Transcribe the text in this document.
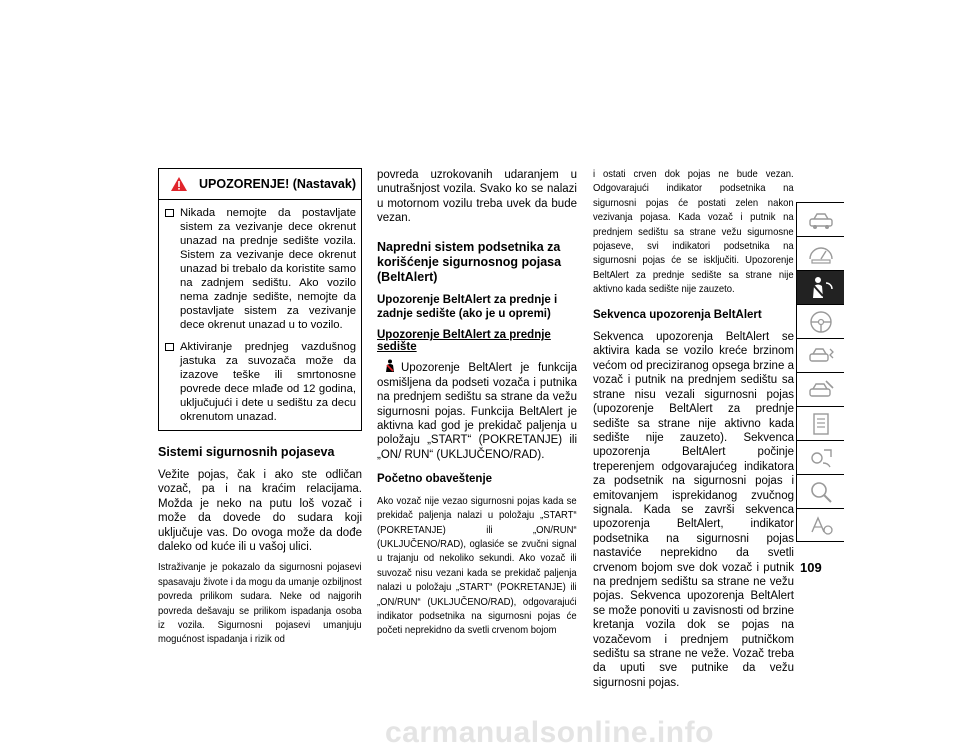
UPOZORENJE! (Nastavak)
Nikada nemojte da postavljate sistem za vezivanje dece okrenut unazad na prednje sedište vozila. Sistem za vezivanje dece okrenut unazad bi trebalo da koristite samo na zadnjem sedištu. Ako vozilo nema zadnje sedište, nemojte da postavljate sistem za vezivanje dece okrenut unazad u to vozilo.
Aktiviranje prednjeg vazdušnog jastuka za suvozača može da izazove teške ili smrtonosne povrede dece mlađe od 12 godina, uključujući i dete u sedištu za decu okrenutom unazad.
Sistemi sigurnosnih pojaseva

Vežite pojas, čak i ako ste odličan vozač, pa i na kraćim relacijama. Možda je neko na putu loš vozač i može da dovede do sudara koji uključuje vas. Do ovoga može da dođe daleko od kuće ili u vašoj ulici.

Istraživanje je pokazalo da sigurnosni pojasevi spasavaju živote i da mogu da umanje ozbiljnost povreda prilikom sudara. Neke od najgorih povreda dešavaju se prilikom ispadanja osoba iz vozila. Sigurnosni pojasevi umanjuju mogućnost ispadanja i rizik od

povreda uzrokovanih udaranjem u unutrašnjost vozila. Svako ko se nalazi u motornom vozilu treba uvek da bude vezan.

Napredni sistem podsetnika za korišćenje sigurnosnog pojasa (BeltAlert)
Upozorenje BeltAlert za prednje i zadnje sedište (ako je u opremi)
Upozorenje BeltAlert za prednje sedište

Upozorenje BeltAlert je funkcija osmišljena da podseti vozača i putnika na prednjem sedištu sa strane da vežu sigurnosni pojas. Funkcija BeltAlert je aktivna kad god je prekidač paljenja u položaju „START“ (POKRETANJE) ili „ON/ RUN“ (UKLJUČENO/RAD).

Početno obaveštenje

Ako vozač nije vezao sigurnosni pojas kada se prekidač paljenja nalazi u položaju „START“ (POKRETANJE) ili „ON/RUN“ (UKLJUČENO/RAD), oglasiće se zvučni signal u trajanju od nekoliko sekundi. Ako vozač ili suvozač nisu vezani kada se prekidač paljenja nalazi u položaju „START“ (POKRETANJE) ili „ON/RUN“ (UKLJUČENO/RAD), odgovarajući indikator podsetnika na sigurnosni pojas će početi neprekidno da svetli crvenom bojom

i ostati crven dok pojas ne bude vezan. Odgovarajući indikator podsetnika na sigurnosni pojas će postati zelen nakon vezivanja pojasa. Kada vozač i putnik na prednjem sedištu sa strane vežu sigurnosne pojaseve, svi indikatori podsetnika na sigurnosni pojas će se isključiti. Upozorenje BeltAlert za prednje sedište sa strane nije aktivno kada sedište nije zauzeto.

Sekvenca upozorenja BeltAlert

Sekvenca upozorenja BeltAlert se aktivira kada se vozilo kreće brzinom većom od preciziranog opsega brzine a vozač i putnik na prednjem sedištu sa strane nisu vezali sigurnosni pojas (upozorenje BeltAlert za prednje sedište sa strane nije aktivno kada sedište nije zauzeto). Sekvenca upozorenja BeltAlert počinje treperenjem odgovarajućeg indikatora za podsetnik na sigurnosni pojas i emitovanjem isprekidanog zvučnog signala. Kada se završi sekvenca upozorenja BeltAlert, indikator podsetnika na sigurnosni pojas nastaviće neprekidno da svetli crvenom bojom sve dok vozač i putnik na prednjem sedištu sa strane ne vežu pojas. Sekvenca upozorenja BeltAlert se može ponoviti u zavisnosti od brzine kretanja vozila dok se pojas na vozačevom i prednjem putničkom sedištu sa strane ne veže. Vozač treba da uputi sve putnike da vežu sigurnosni pojas.

109
carmanualsonline.info
